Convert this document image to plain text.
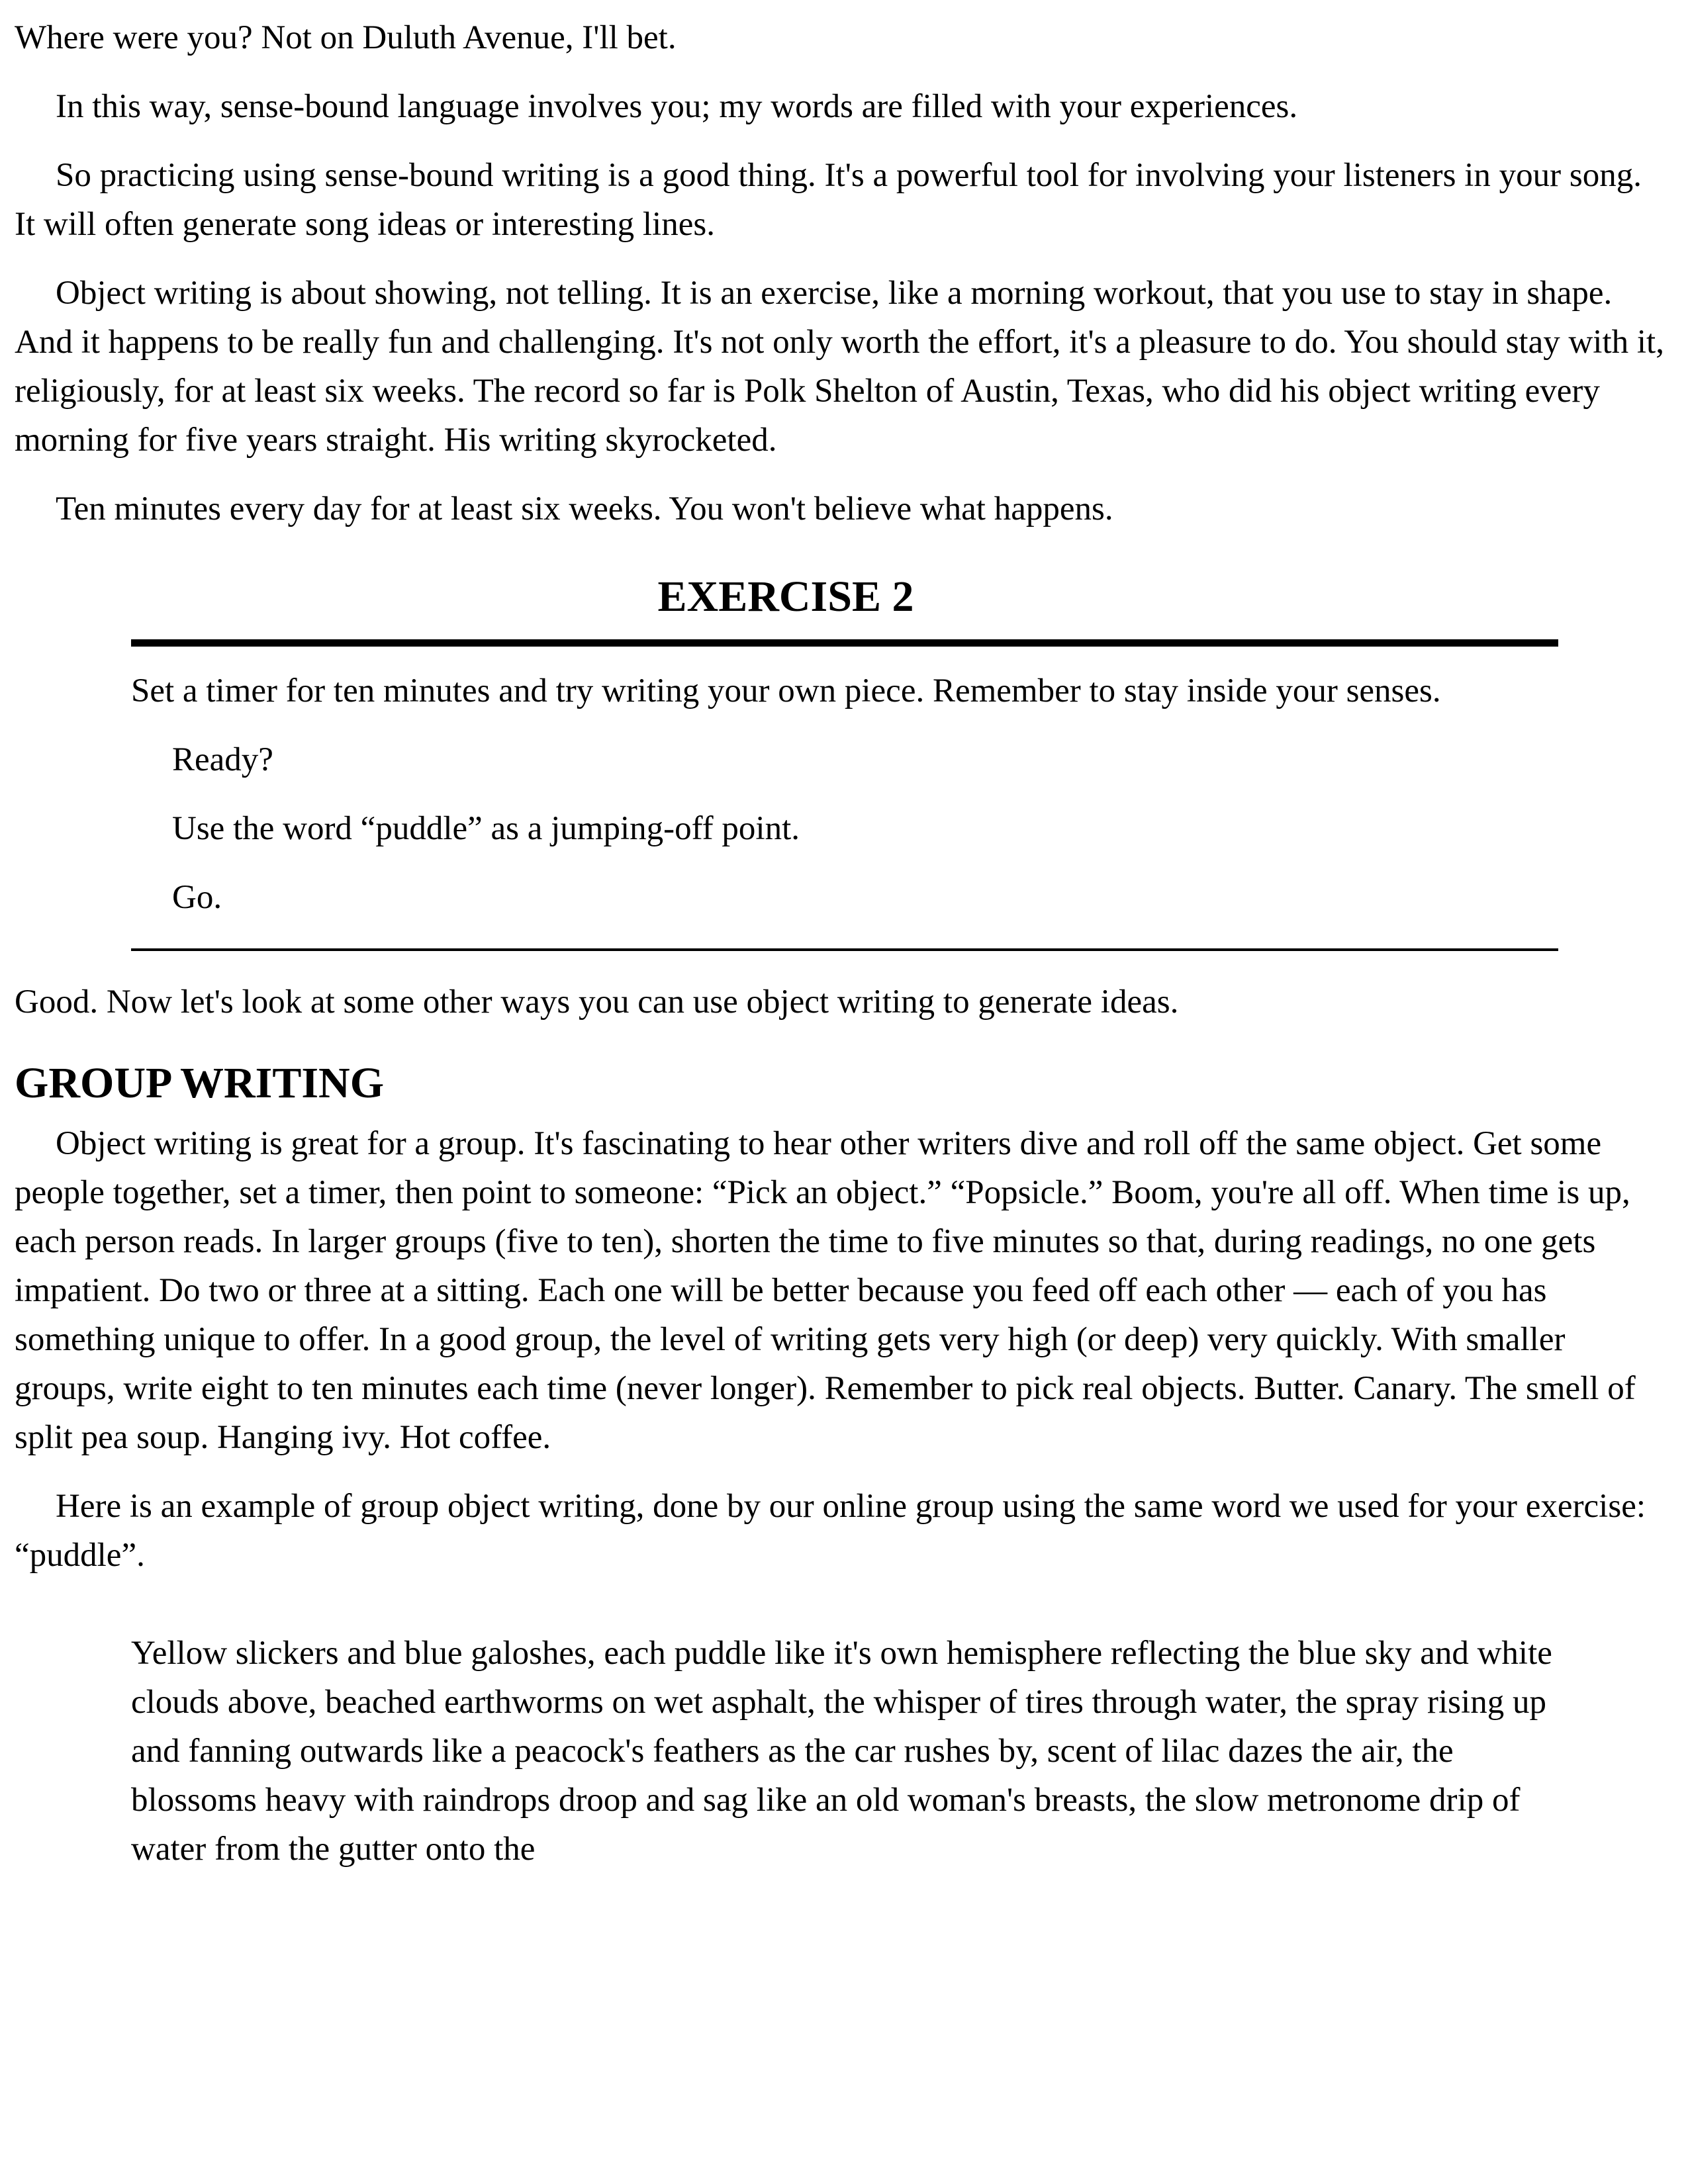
Where were you? Not on Duluth Avenue, I'll bet.

In this way, sense-bound language involves you; my words are filled with your experiences.

So practicing using sense-bound writing is a good thing. It's a powerful tool for involving your listeners in your song. It will often generate song ideas or interesting lines.

Object writing is about showing, not telling. It is an exercise, like a morning workout, that you use to stay in shape. And it happens to be really fun and challenging. It's not only worth the effort, it's a pleasure to do. You should stay with it, religiously, for at least six weeks. The record so far is Polk Shelton of Austin, Texas, who did his object writing every morning for five years straight. His writing skyrocketed.

Ten minutes every day for at least six weeks. You won't believe what happens.

EXERCISE 2

Set a timer for ten minutes and try writing your own piece. Remember to stay inside your senses.

Ready?

Use the word “puddle” as a jumping-off point.

Go.

Good. Now let's look at some other ways you can use object writing to generate ideas.

GROUP WRITING

Object writing is great for a group. It's fascinating to hear other writers dive and roll off the same object. Get some people together, set a timer, then point to someone: “Pick an object.” “Popsicle.” Boom, you're all off. When time is up, each person reads. In larger groups (five to ten), shorten the time to five minutes so that, during readings, no one gets impatient. Do two or three at a sitting. Each one will be better because you feed off each other — each of you has something unique to offer. In a good group, the level of writing gets very high (or deep) very quickly. With smaller groups, write eight to ten minutes each time (never longer). Remember to pick real objects. Butter. Canary. The smell of split pea soup. Hanging ivy. Hot coffee.

Here is an example of group object writing, done by our online group using the same word we used for your exercise: “puddle”.

Yellow slickers and blue galoshes, each puddle like it's own hemisphere reflecting the blue sky and white clouds above, beached earthworms on wet asphalt, the whisper of tires through water, the spray rising up and fanning outwards like a peacock's feathers as the car rushes by, scent of lilac dazes the air, the blossoms heavy with raindrops droop and sag like an old woman's breasts, the slow metronome drip of water from the gutter onto the
